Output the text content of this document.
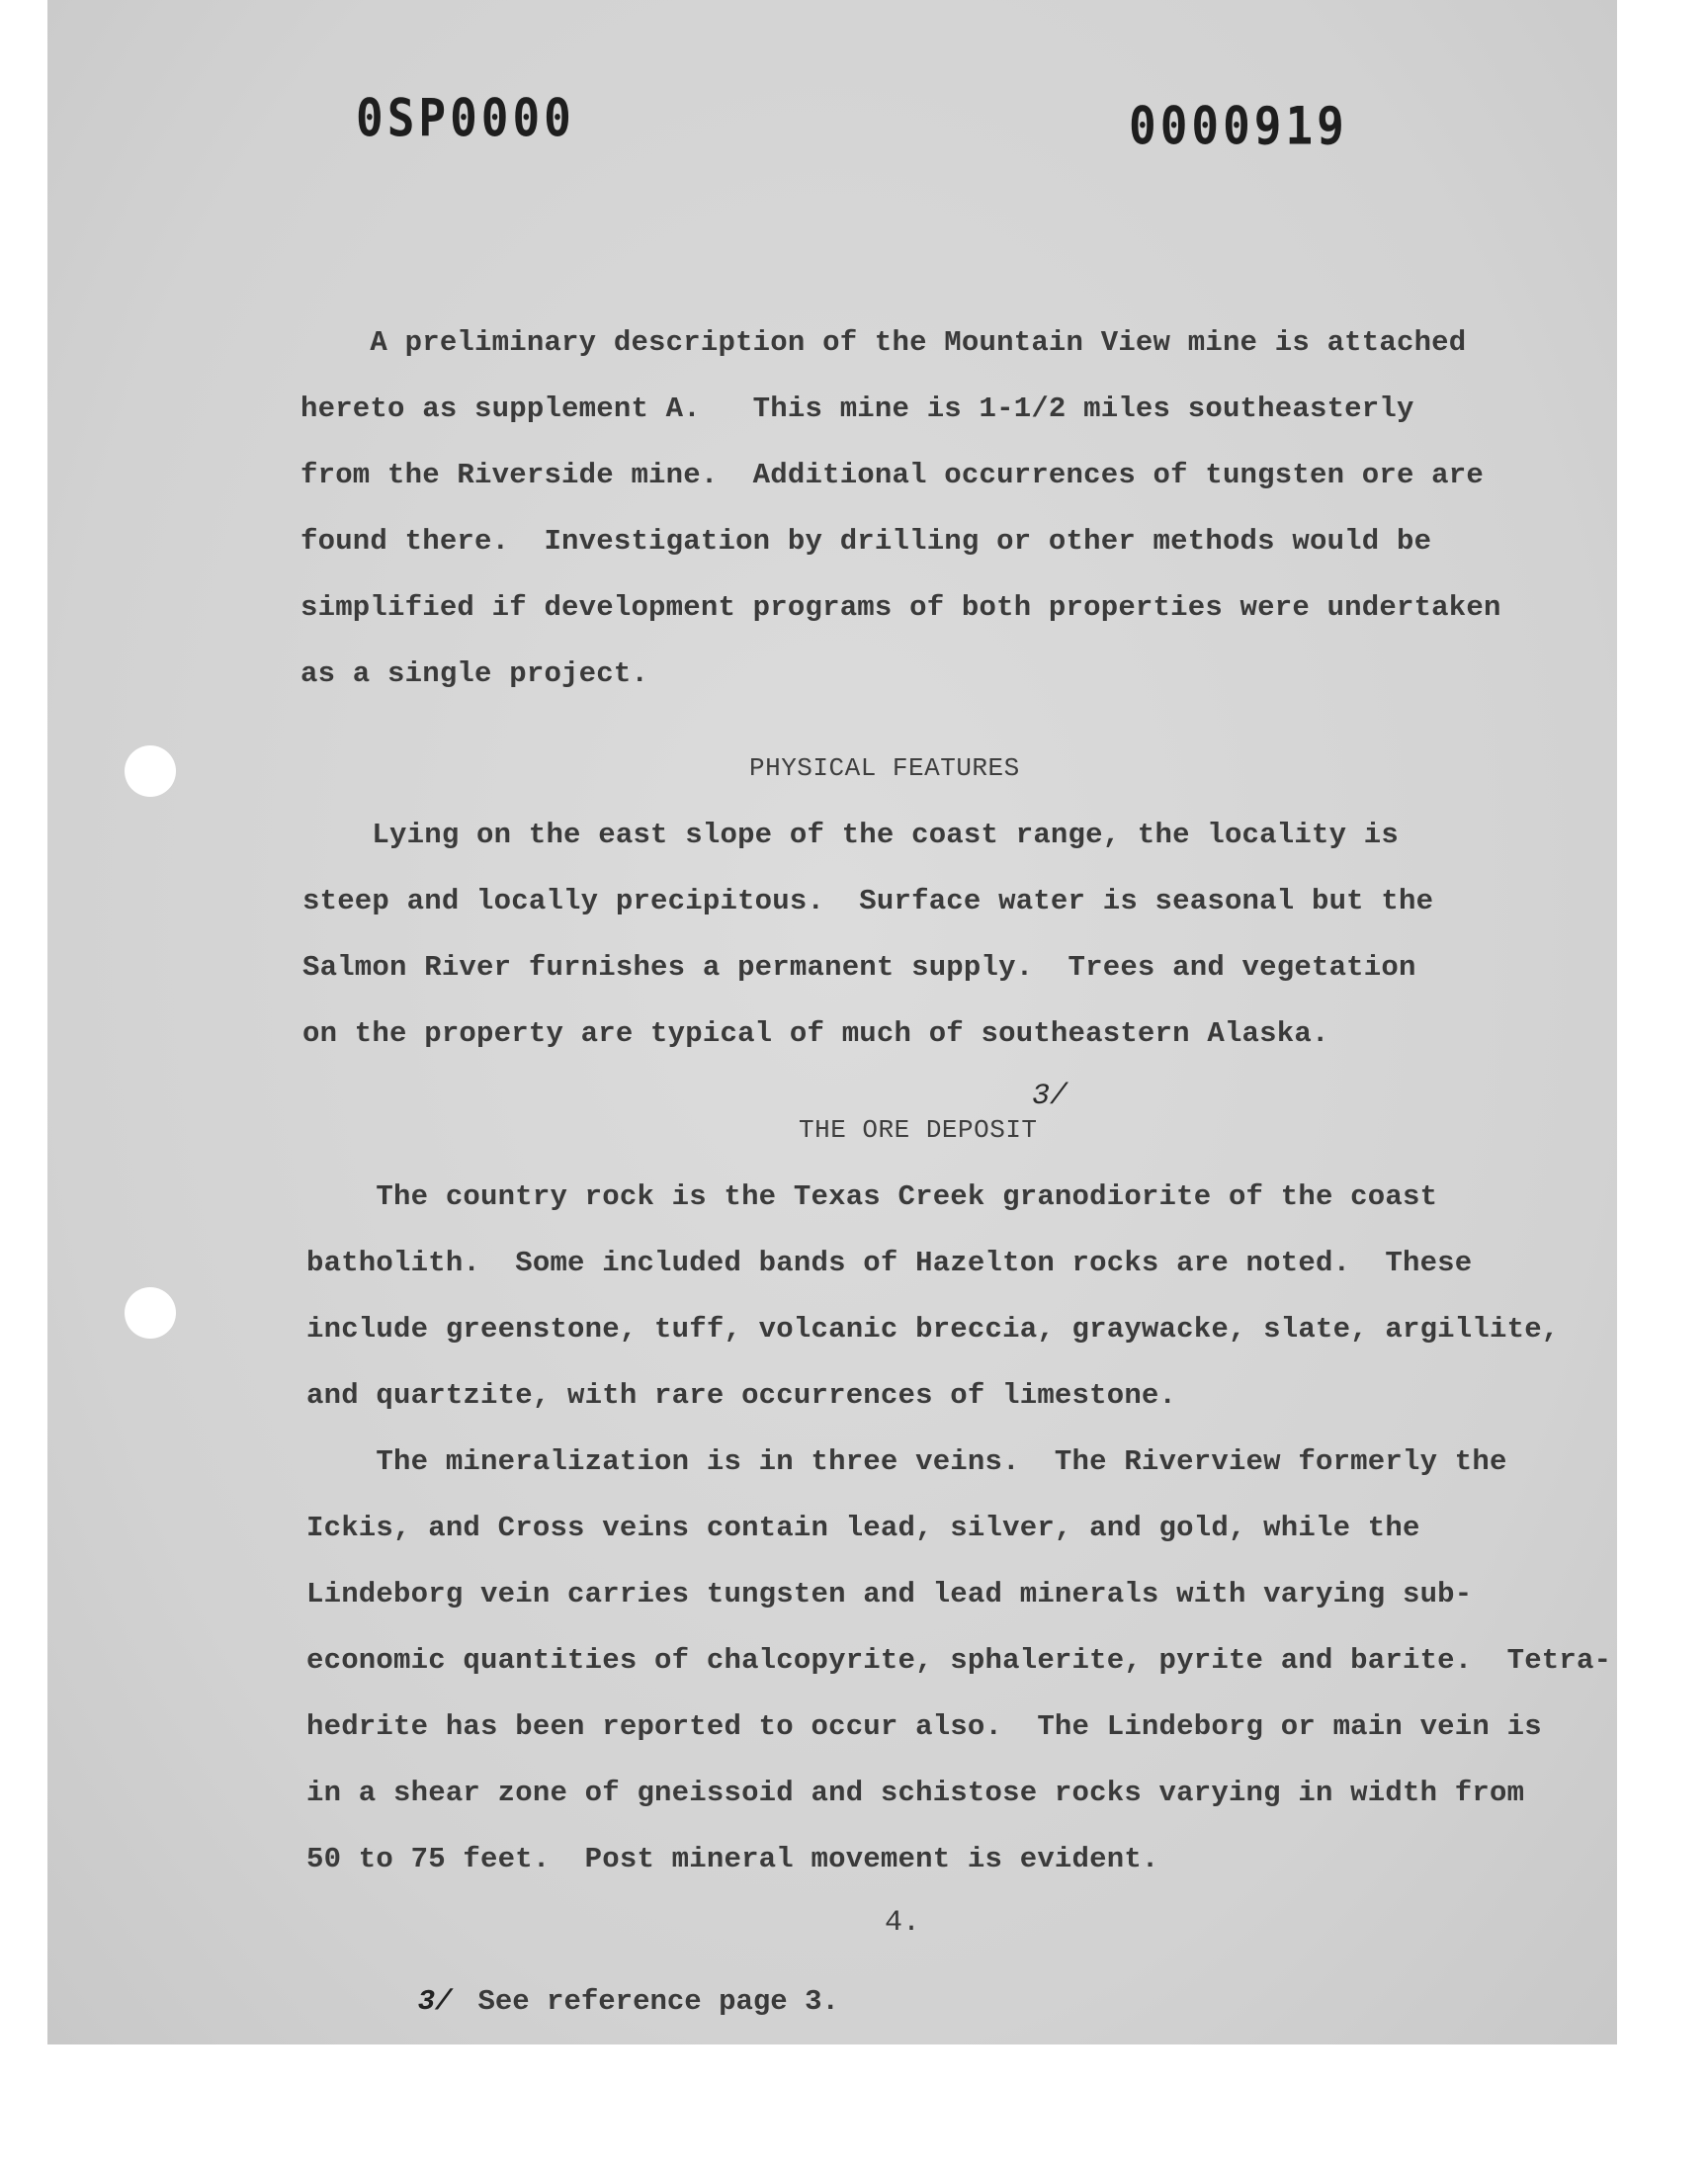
0SP0000	0000919
A preliminary description of the Mountain View mine is attached
hereto as supplement A.   This mine is 1-1/2 miles southeasterly
from the Riverside mine.  Additional occurrences of tungsten ore are
found there.  Investigation by drilling or other methods would be
simplified if development programs of both properties were undertaken
as a single project.
PHYSICAL FEATURES
Lying on the east slope of the coast range, the locality is
steep and locally precipitous.  Surface water is seasonal but the
Salmon River furnishes a permanent supply.  Trees and vegetation
on the property are typical of much of southeastern Alaska.
THE ORE DEPOSIT
3/
The country rock is the Texas Creek granodiorite of the coast
batholith.  Some included bands of Hazelton rocks are noted.  These
include greenstone, tuff, volcanic breccia, graywacke, slate, argillite,
and quartzite, with rare occurrences of limestone.
The mineralization is in three veins.  The Riverview formerly the
Ickis, and Cross veins contain lead, silver, and gold, while the
Lindeborg vein carries tungsten and lead minerals with varying sub-
economic quantities of chalcopyrite, sphalerite, pyrite and barite.  Tetra-
hedrite has been reported to occur also.  The Lindeborg or main vein is
in a shear zone of gneissoid and schistose rocks varying in width from
50 to 75 feet.  Post mineral movement is evident.
4.

3/ See reference page 3.
